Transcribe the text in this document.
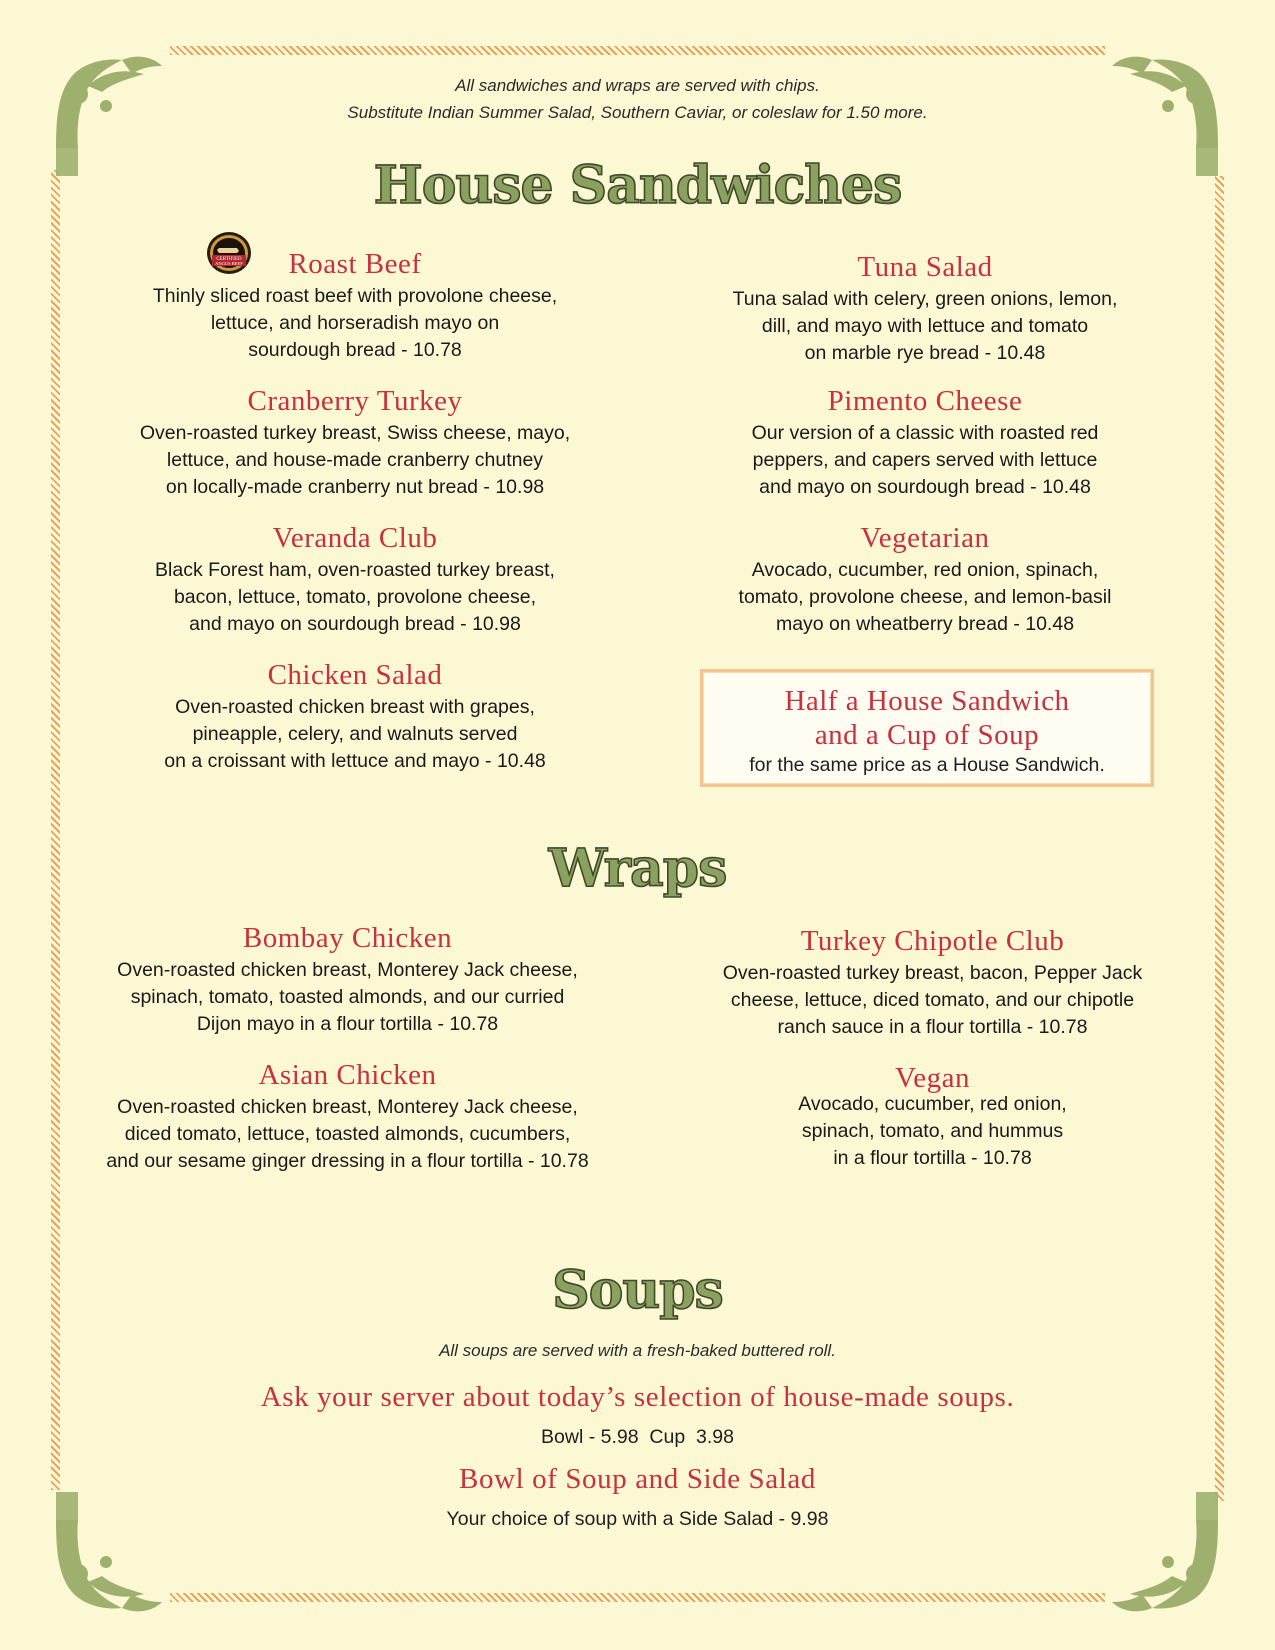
All sandwiches and wraps are served with chips.
Substitute Indian Summer Salad, Southern Caviar, or coleslaw for 1.50 more.
House Sandwiches
CERTIFIED
ANGUS BEEF	Roast Beef
Thinly sliced roast beef with provolone cheese,
lettuce, and horseradish mayo on
sourdough bread - 10.78
Cranberry Turkey
Oven-roasted turkey breast, Swiss cheese, mayo,
lettuce, and house-made cranberry chutney
on locally-made cranberry nut bread - 10.98
Veranda Club
Black Forest ham, oven-roasted turkey breast,
bacon, lettuce, tomato, provolone cheese,
and mayo on sourdough bread - 10.98
Chicken Salad
Oven-roasted chicken breast with grapes,
pineapple, celery, and walnuts served
on a croissant with lettuce and mayo - 10.48
Tuna Salad
Tuna salad with celery, green onions, lemon,
dill, and mayo with lettuce and tomato
on marble rye bread - 10.48
Pimento Cheese
Our version of a classic with roasted red
peppers, and capers served with lettuce
and mayo on sourdough bread - 10.48
Vegetarian
Avocado, cucumber, red onion, spinach,
tomato, provolone cheese, and lemon-basil
mayo on wheatberry bread - 10.48
Half a House Sandwich
and a Cup of Soup
for the same price as a House Sandwich.
Wraps
Bombay Chicken
Oven-roasted chicken breast, Monterey Jack cheese,
spinach, tomato, toasted almonds, and our curried
Dijon mayo in a flour tortilla - 10.78
Asian Chicken
Oven-roasted chicken breast, Monterey Jack cheese,
diced tomato, lettuce, toasted almonds, cucumbers,
and our sesame ginger dressing in a flour tortilla - 10.78
Turkey Chipotle Club
Oven-roasted turkey breast, bacon, Pepper Jack
cheese, lettuce, diced tomato, and our chipotle
ranch sauce in a flour tortilla - 10.78
Vegan
Avocado, cucumber, red onion,
spinach, tomato, and hummus
in a flour tortilla - 10.78
Soups
All soups are served with a fresh-baked buttered roll.
Ask your server about today’s selection of house-made soups.
Bowl - 5.98  Cup  3.98
Bowl of Soup and Side Salad
Your choice of soup with a Side Salad - 9.98
